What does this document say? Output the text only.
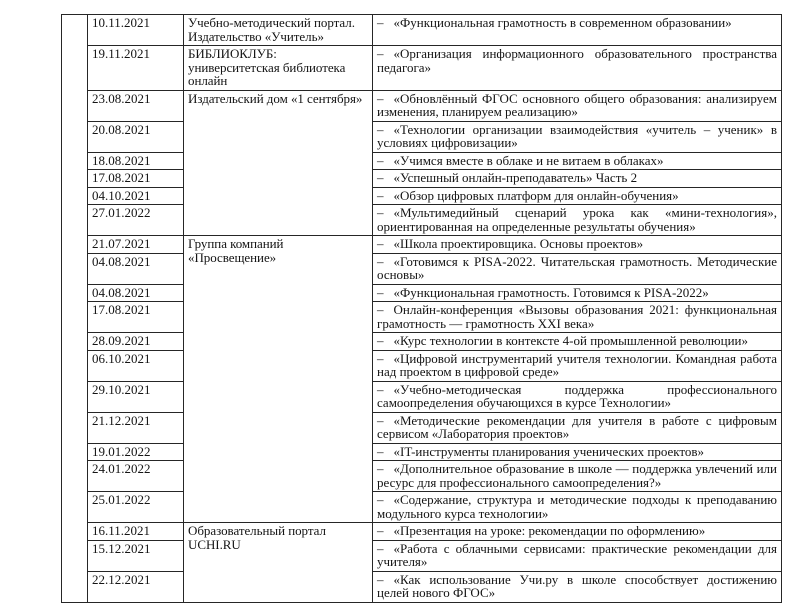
	10.11.2021	Учебно-методический портал. Издательство «Учитель»	– «Функциональная грамотность в современном образовании»
	19.11.2021	БИБЛИОКЛУБ: университетская библиотека онлайн	– «Организация информационного образовательного пространства педагога»
	23.08.2021	Издательский дом «1 сентября»	– «Обновлённый ФГОС основного общего образования: анализируем изменения, планируем реализацию»
	20.08.2021		– «Технологии организации взаимодействия «учитель – ученик» в условиях цифровизации»
	18.08.2021		– «Учимся вместе в облаке и не витаем в облаках»
	17.08.2021		– «Успешный онлайн-преподаватель» Часть 2
	04.10.2021		– «Обзор цифровых платформ для онлайн-обучения»
	27.01.2022		– «Мультимедийный сценарий урока как «мини-технология», ориентированная на определенные результаты обучения»
	21.07.2021	Группа компаний «Просвещение»	– «Школа проектировщика. Основы проектов»
	04.08.2021		– «Готовимся к PISA-2022. Читательская грамотность. Методические основы»
	04.08.2021		– «Функциональная грамотность. Готовимся к PISA-2022»
	17.08.2021		– Онлайн-конференция «Вызовы образования 2021: функциональная грамотность — грамотность XXI века»
	28.09.2021		– «Курс технологии в контексте 4-ой промышленной революции»
	06.10.2021		– «Цифровой инструментарий учителя технологии. Командная работа над проектом в цифровой среде»
	29.10.2021		– «Учебно-методическая поддержка профессионального самоопределения обучающихся в курсе Технологии»
	21.12.2021		– «Методические рекомендации для учителя в работе с цифровым сервисом «Лаборатория проектов»
	19.01.2022		– «IT-инструменты планирования ученических проектов»
	24.01.2022		– «Дополнительное образование в школе — поддержка увлечений или ресурс для профессионального самоопределения?»
	25.01.2022		– «Содержание, структура и методические подходы к преподаванию модульного курса технологии»
	16.11.2021	Образовательный портал UCHI.RU	– «Презентация на уроке: рекомендации по оформлению»
	15.12.2021		– «Работа с облачными сервисами: практические рекомендации для учителя»
	22.12.2021		– «Как использование Учи.ру в школе способствует достижению целей нового ФГОС»
